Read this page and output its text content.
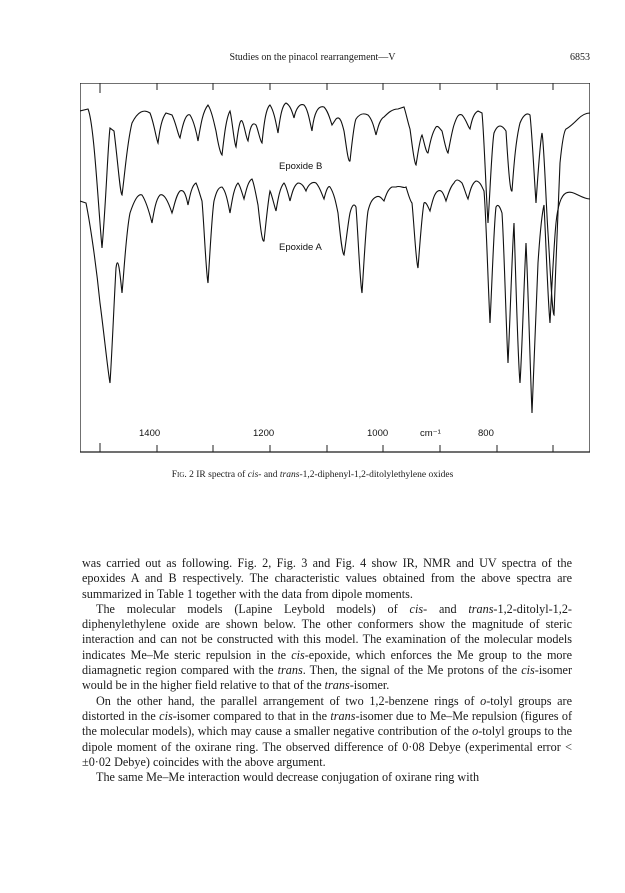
Studies on the pinacol rearrangement—V	6853
Epoxide B
Epoxide A
1400	1200	1000	cm⁻¹	800
Fig. 2 IR spectra of cis- and trans-1,2-diphenyl-1,2-ditolylethylene oxides

was carried out as following. Fig. 2, Fig. 3 and Fig. 4 show IR, NMR and UV spectra of the epoxides A and B respectively. The characteristic values obtained from the above spectra are summarized in Table 1 together with the data from dipole moments.

The molecular models (Lapine Leybold models) of cis- and trans-1,2-ditolyl-1,2-diphenylethylene oxide are shown below. The other conformers show the magnitude of steric interaction and can not be constructed with this model. The examination of the molecular models indicates Me–Me steric repulsion in the cis-epoxide, which enforces the Me group to the more diamagnetic region compared with the trans. Then, the signal of the Me protons of the cis-isomer would be in the higher field relative to that of the trans-isomer.

On the other hand, the parallel arrangement of two 1,2-benzene rings of o-tolyl groups are distorted in the cis-isomer compared to that in the trans-isomer due to Me–Me repulsion (figures of the molecular models), which may cause a smaller negative contribution of the o-tolyl groups to the dipole moment of the oxirane ring. The observed difference of 0·08 Debye (experimental error < ±0·02 Debye) coincides with the above argument.

The same Me–Me interaction would decrease conjugation of oxirane ring with
